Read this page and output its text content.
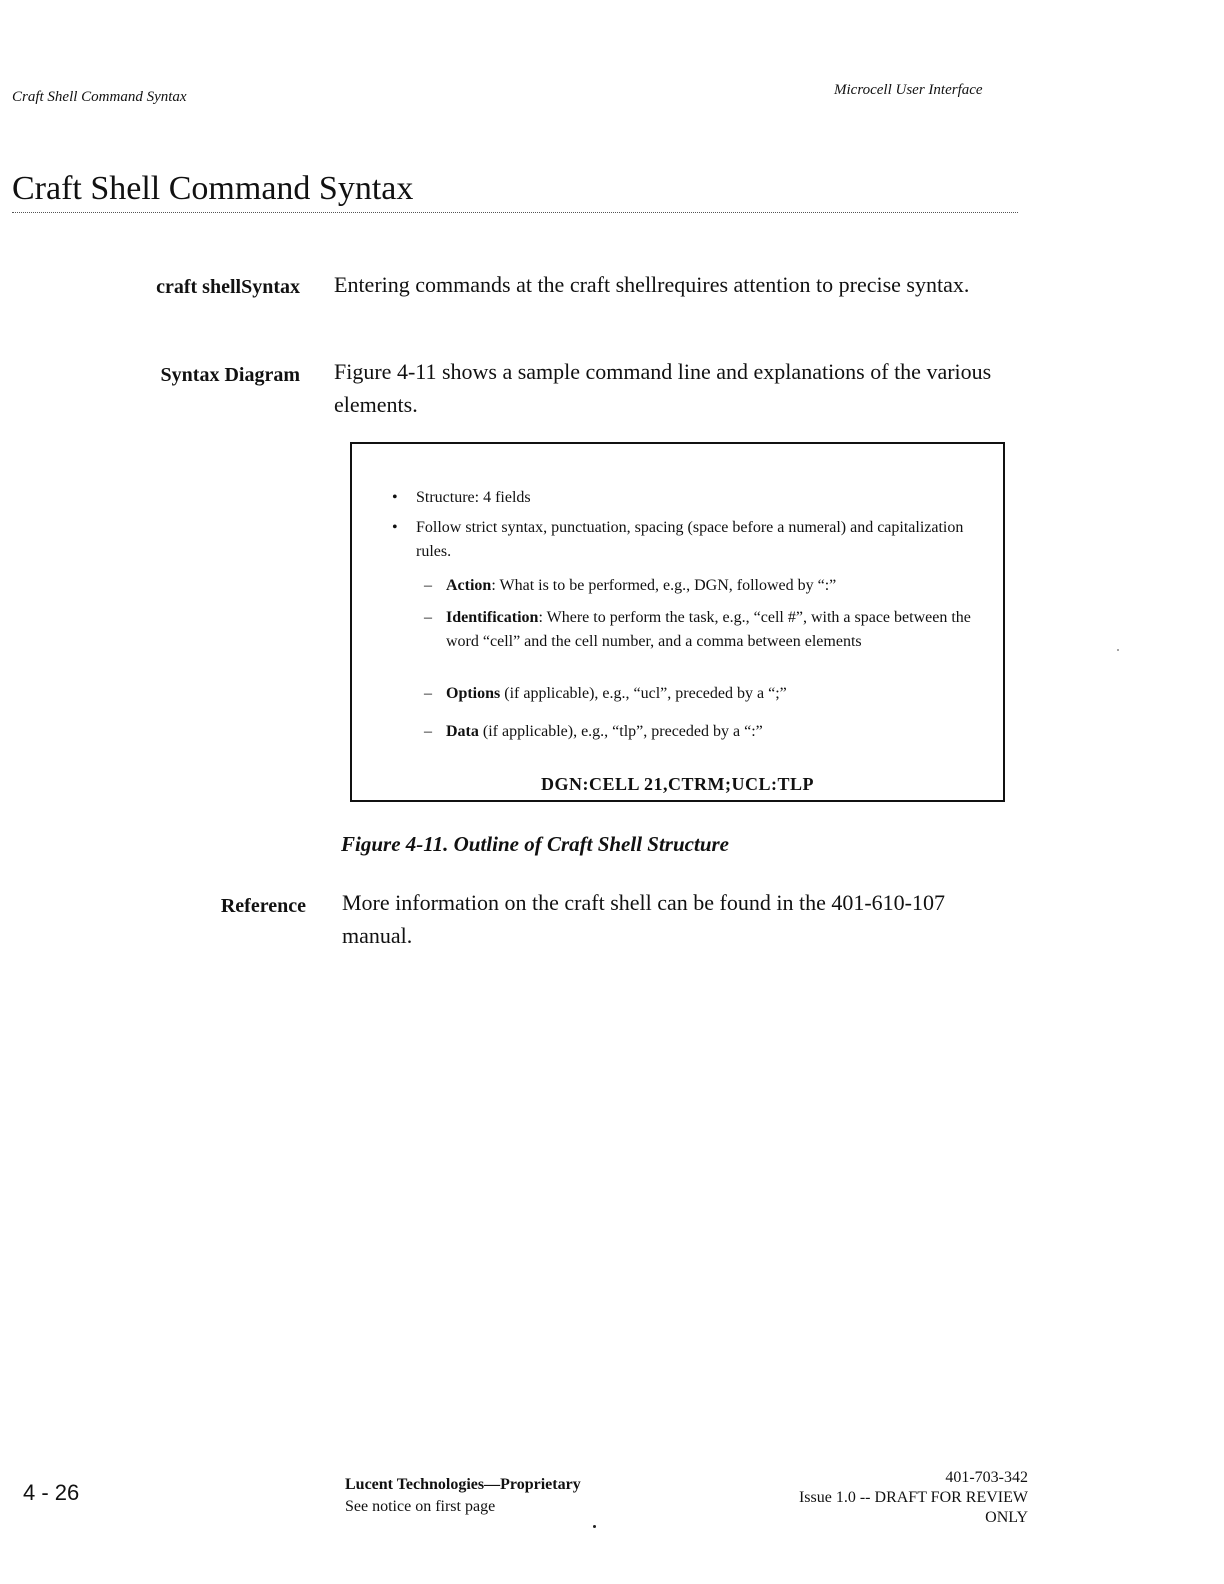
Craft Shell Command Syntax	Microcell User Interface
Craft Shell Command Syntax
craft shellSyntax Entering commands at the craft shellrequires attention to precise syntax.
Syntax Diagram Figure 4-11 shows a sample command line and explanations of the various elements.
• Structure: 4 fields
• Follow strict syntax, punctuation, spacing (space before a numeral) and capitalization rules.
– Action: What is to be performed, e.g., DGN, followed by “:”
– Identification: Where to perform the task, e.g., “cell #”, with a space between the word “cell” and the cell number, and a comma between elements
– Options (if applicable), e.g., “ucl”, preceded by a “;”
– Data (if applicable), e.g., “tlp”, preceded by a “:”
DGN:CELL 21,CTRM;UCL:TLP
Figure 4-11. Outline of Craft Shell Structure
Reference More information on the craft shell can be found in the 401-610-107 manual.
4 - 26	Lucent Technologies—Proprietary
See notice on first page
401-703-342
Issue 1.0 -- DRAFT FOR REVIEW
ONLY
